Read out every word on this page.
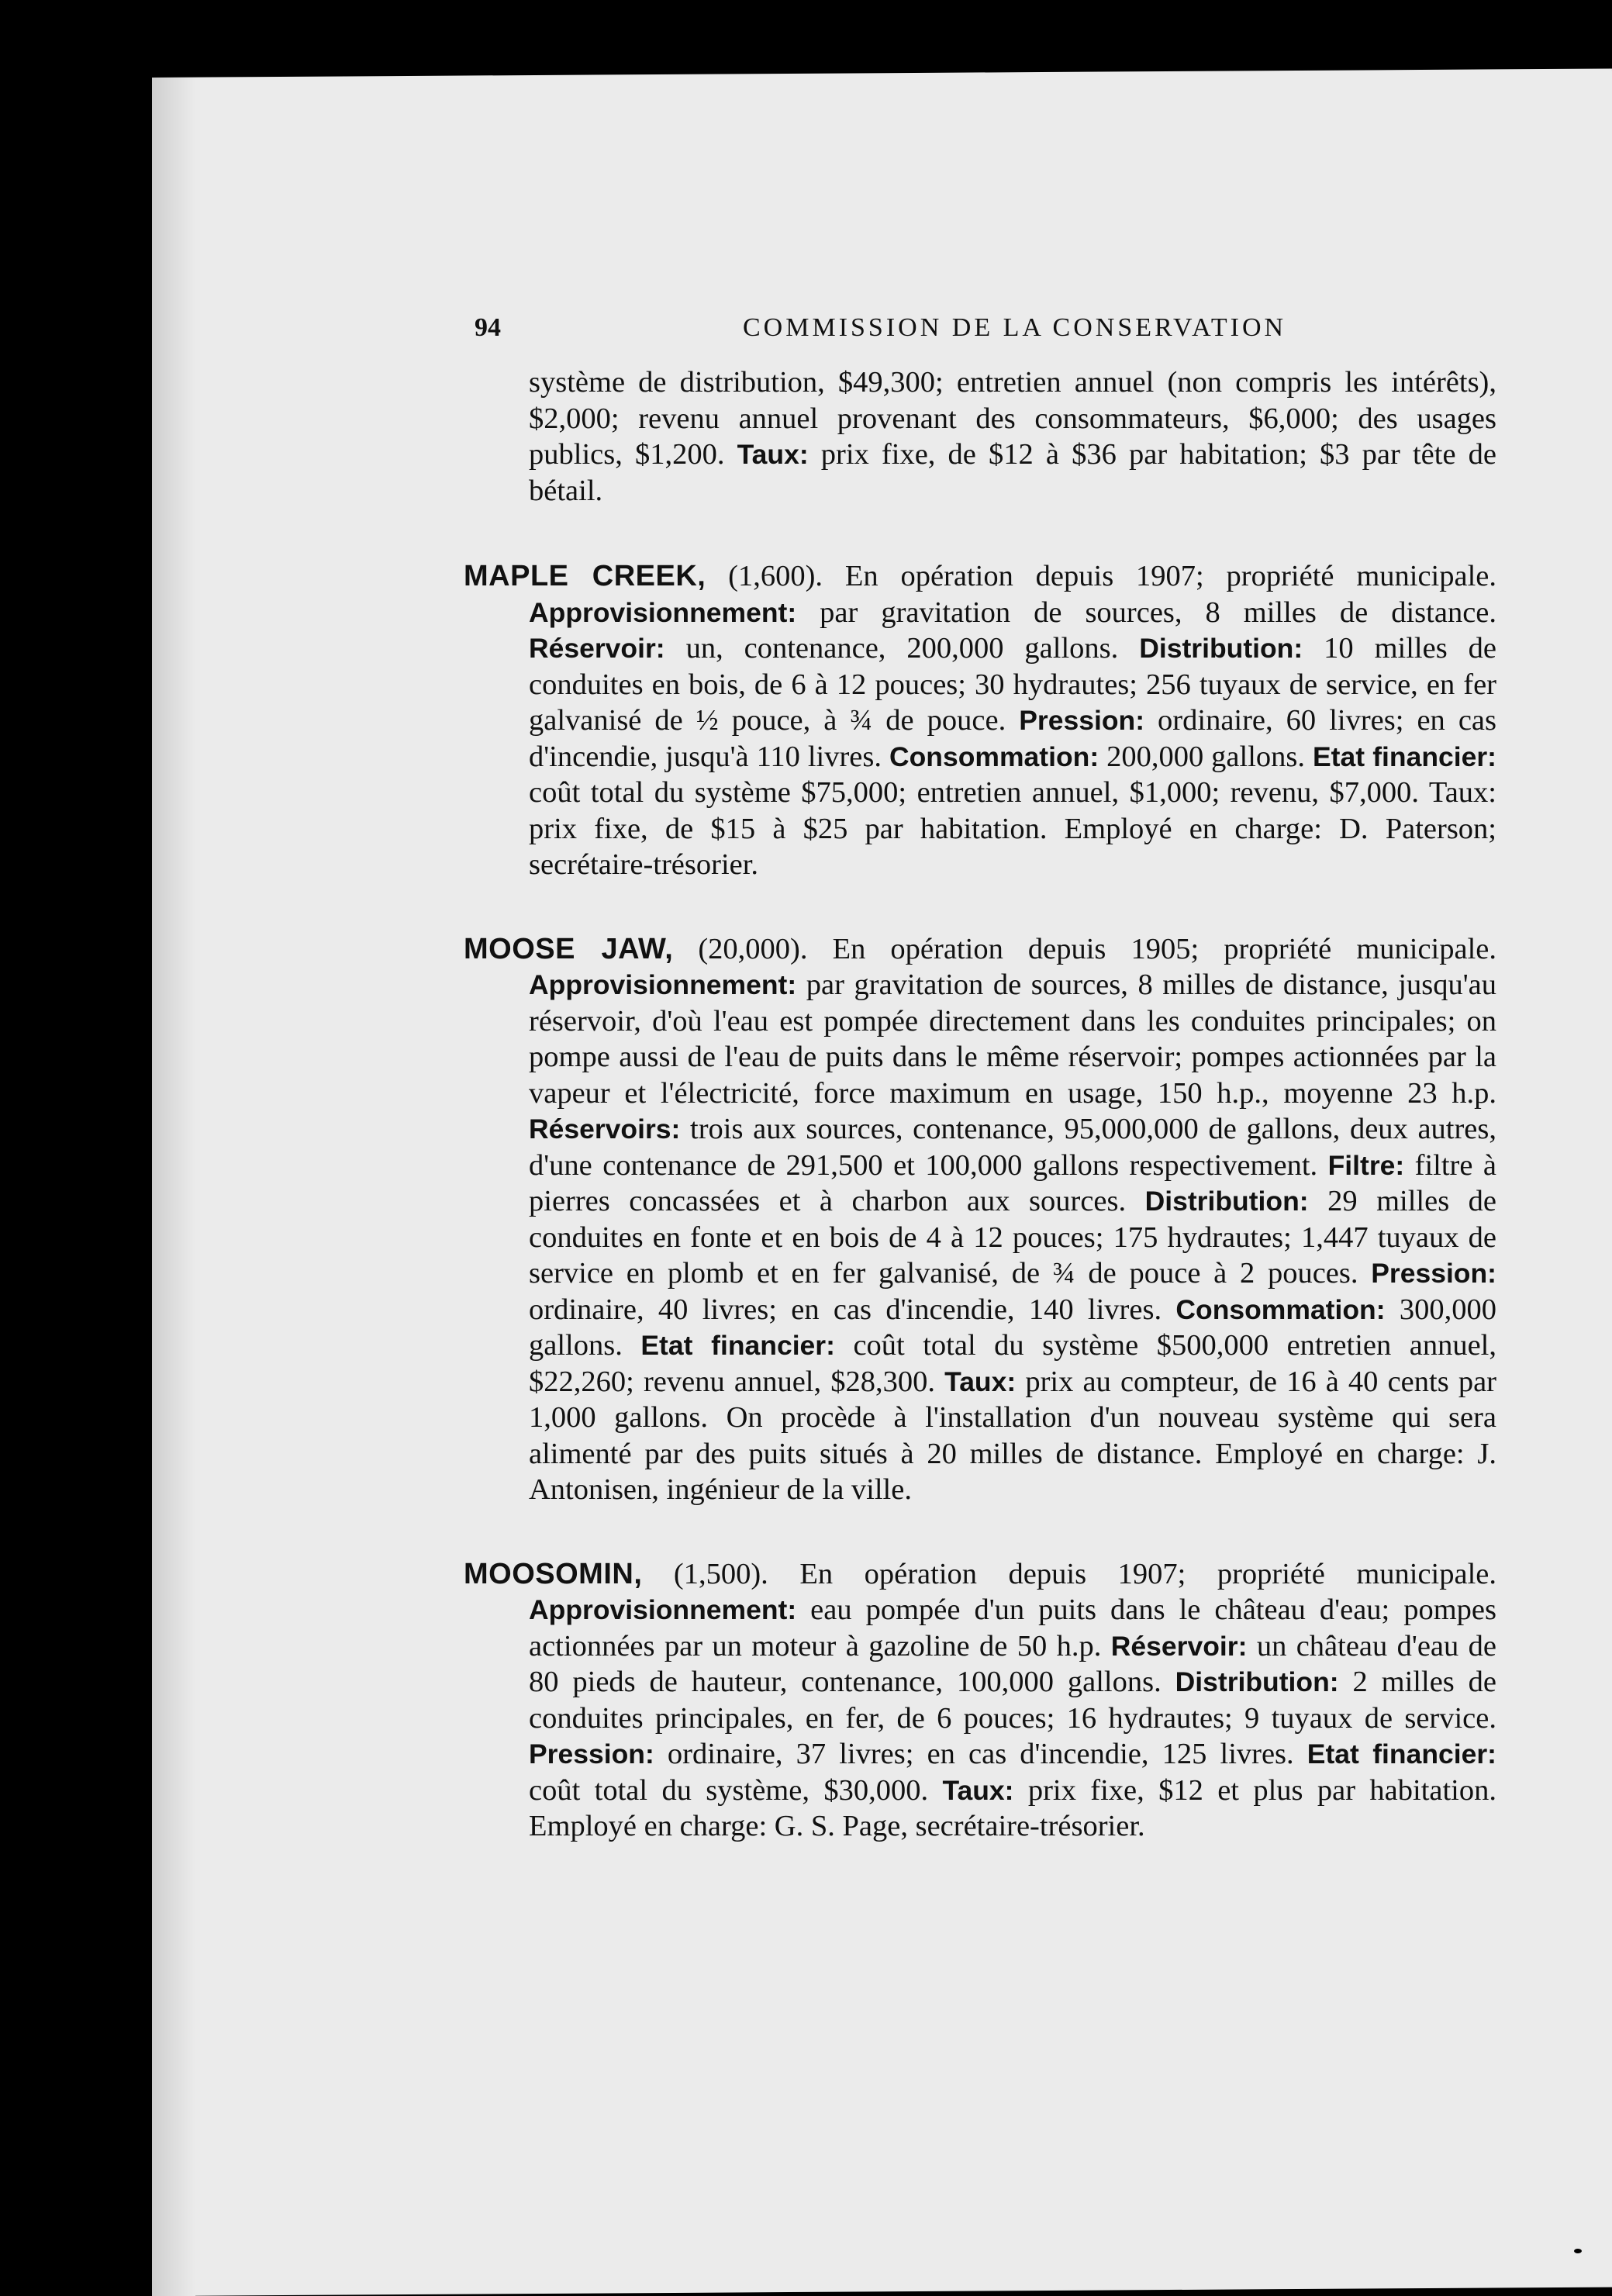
94	COMMISSION DE LA CONSERVATION

système de distribution, $49,300; entretien annuel (non compris les intérêts), $2,000; revenu annuel provenant des consommateurs, $6,000; des usages publics, $1,200. Taux: prix fixe, de $12 à $36 par habitation; $3 par tête de bétail.

MAPLE CREEK, (1,600). En opération depuis 1907; propriété municipale. Approvisionnement: par gravitation de sources, 8 milles de distance. Réservoir: un, contenance, 200,000 gallons. Distribution: 10 milles de conduites en bois, de 6 à 12 pouces; 30 hydrautes; 256 tuyaux de service, en fer galvanisé de ½ pouce, à ¾ de pouce. Pression: ordinaire, 60 livres; en cas d'incendie, jusqu'à 110 livres. Consommation: 200,000 gallons. Etat financier: coût total du système $75,000; entretien annuel, $1,000; revenu, $7,000. Taux: prix fixe, de $15 à $25 par habitation. Employé en charge: D. Paterson; secrétaire-trésorier.

MOOSE JAW, (20,000). En opération depuis 1905; propriété municipale. Approvisionnement: par gravitation de sources, 8 milles de distance, jusqu'au réservoir, d'où l'eau est pompée directement dans les conduites principales; on pompe aussi de l'eau de puits dans le même réservoir; pompes actionnées par la vapeur et l'électricité, force maximum en usage, 150 h.p., moyenne 23 h.p. Réservoirs: trois aux sources, contenance, 95,000,000 de gallons, deux autres, d'une contenance de 291,500 et 100,000 gallons respectivement. Filtre: filtre à pierres concassées et à charbon aux sources. Distribution: 29 milles de conduites en fonte et en bois de 4 à 12 pouces; 175 hydrautes; 1,447 tuyaux de service en plomb et en fer galvanisé, de ¾ de pouce à 2 pouces. Pression: ordinaire, 40 livres; en cas d'incendie, 140 livres. Consommation: 300,000 gallons. Etat financier: coût total du système $500,000 entretien annuel, $22,260; revenu annuel, $28,300. Taux: prix au compteur, de 16 à 40 cents par 1,000 gallons. On procède à l'installation d'un nouveau système qui sera alimenté par des puits situés à 20 milles de distance. Employé en charge: J. Antonisen, ingénieur de la ville.

MOOSOMIN, (1,500). En opération depuis 1907; propriété municipale. Approvisionnement: eau pompée d'un puits dans le château d'eau; pompes actionnées par un moteur à gazoline de 50 h.p. Réservoir: un château d'eau de 80 pieds de hauteur, contenance, 100,000 gallons. Distribution: 2 milles de conduites principales, en fer, de 6 pouces; 16 hydrautes; 9 tuyaux de service. Pression: ordinaire, 37 livres; en cas d'incendie, 125 livres. Etat financier: coût total du système, $30,000. Taux: prix fixe, $12 et plus par habitation. Employé en charge: G. S. Page, secrétaire-trésorier.
